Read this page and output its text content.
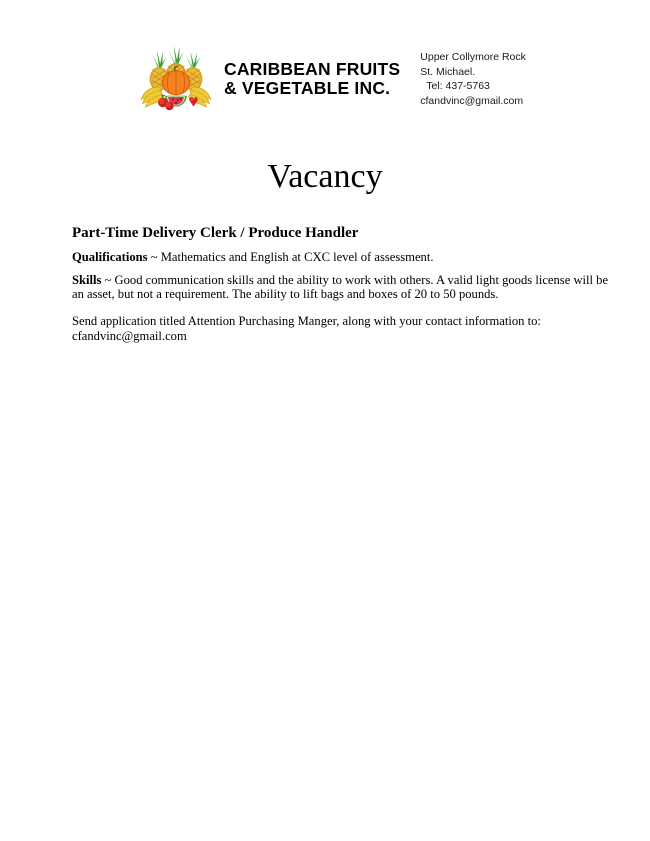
CARIBBEAN FRUITS
& VEGETABLE INC.
Upper Collymore Rock
St. Michael.
Tel: 437-5763
cfandvinc@gmail.com
Vacancy
Part-Time Delivery Clerk / Produce Handler

Qualifications ~ Mathematics and English at CXC level of assessment.

Skills ~ Good communication skills and the ability to work with others. A valid light goods license will be an asset, but not a requirement. The ability to lift bags and boxes of 20 to 50 pounds.

Send application titled Attention Purchasing Manger, along with your contact information to:
cfandvinc@gmail.com
